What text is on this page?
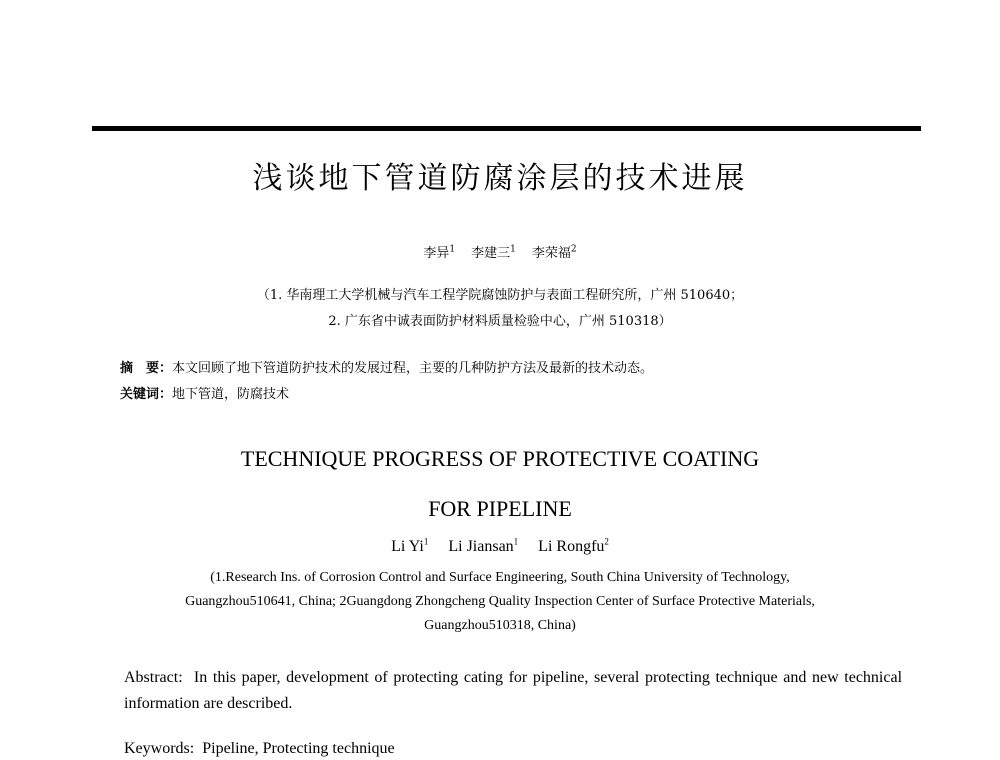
浅谈地下管道防腐涂层的技术进展
李异$^1$ 李建三$^1$ 李荣福$^2$
（1. 华南理工大学机械与汽车工程学院腐蚀防护与表面工程研究所，广州 510640；
2. 广东省中诚表面防护材料质量检验中心，广州 510318）
摘　要：本文回顾了地下管道防护技术的发展过程，主要的几种防护方法及最新的技术动态。
关键词：地下管道，防腐技术
TECHNIQUE PROGRESS OF PROTECTIVE COATING
FOR PIPELINE
Li Yi$^1$ Li Jiansan$^1$ Li Rongfu$^2$
(1.Research Ins. of Corrosion Control and Surface Engineering, South China University of Technology,
Guangzhou510641, China; 2Guangdong Zhongcheng Quality Inspection Center of Surface Protective Materials,
Guangzhou510318, China)
Abstract: In this paper, development of protecting cating for pipeline, several protecting technique and new technical information are described.
Keywords: Pipeline, Protecting technique
